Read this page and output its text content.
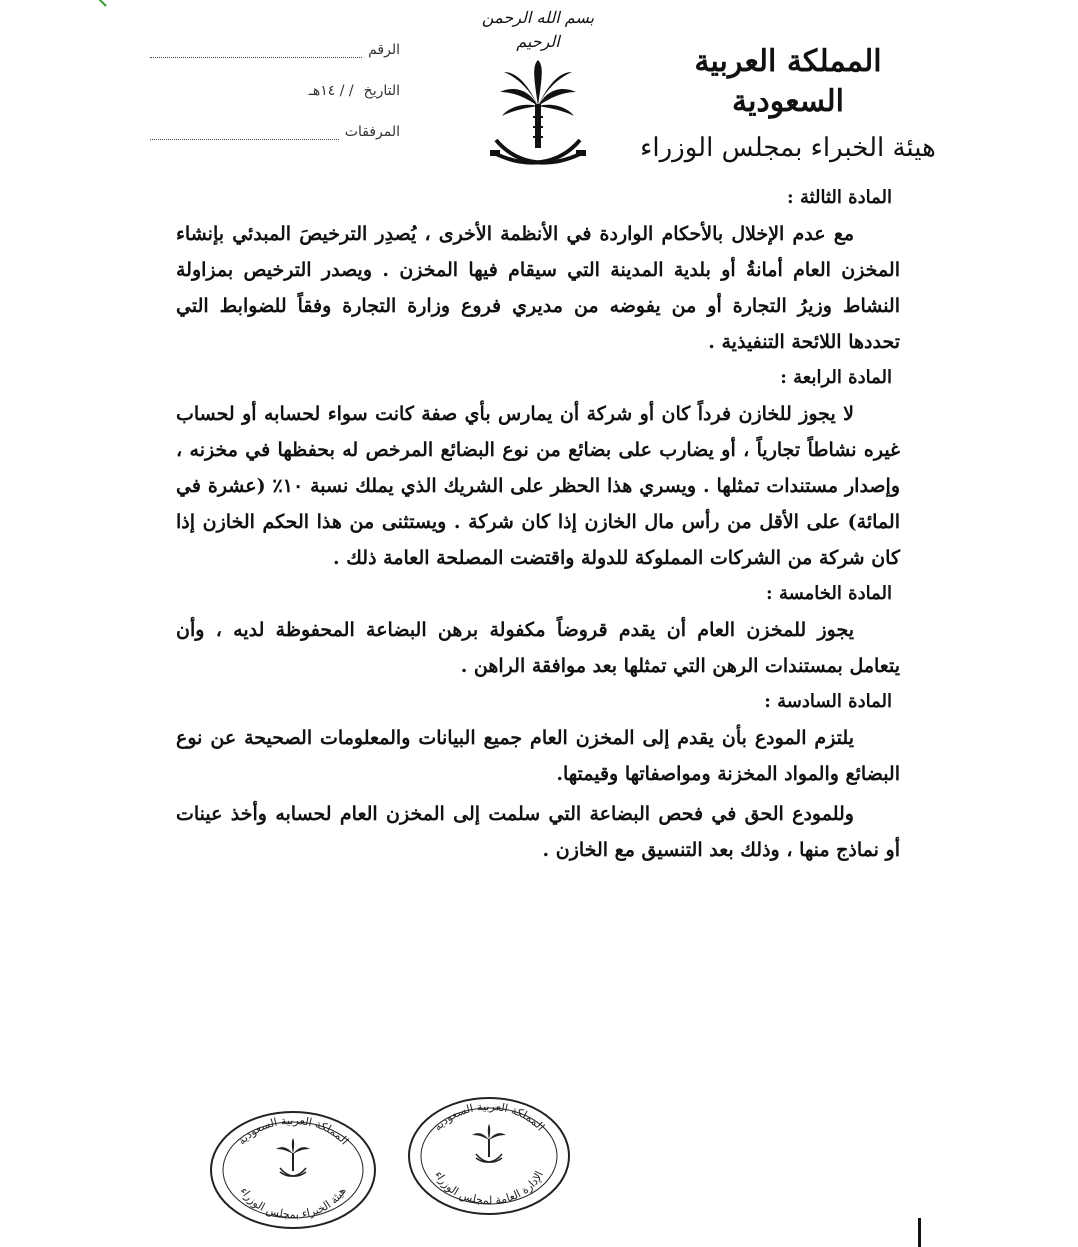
المملكة العربية السعودية
هيئة الخبراء بمجلس الوزراء
بسم الله الرحمن الرحيم
الرقم
التاريخ
/ / ١٤هـ
المرفقات
المادة الثالثة :

مع عدم الإخلال بالأحكام الواردة في الأنظمة الأخرى ، يُصدِر الترخيصَ المبدئي بإنشاء المخزن العام أمانةُ أو بلدية المدينة التي سيقام فيها المخزن . ويصدر الترخيص بمزاولة النشاط وزيرُ التجارة أو من يفوضه من مديري فروع وزارة التجارة وفقاً للضوابط التي تحددها اللائحة التنفيذية .

المادة الرابعة :

لا يجوز للخازن فرداً كان أو شركة أن يمارس بأي صفة كانت سواء لحسابه أو لحساب غيره نشاطاً تجارياً ، أو يضارب على بضائع من نوع البضائع المرخص له بحفظها في مخزنه ، وإصدار مستندات تمثلها . ويسري هذا الحظر على الشريك الذي يملك نسبة ١٠٪ (عشرة في المائة) على الأقل من رأس مال الخازن إذا كان شركة . ويستثنى من هذا الحكم الخازن إذا كان شركة من الشركات المملوكة للدولة واقتضت المصلحة العامة ذلك .

المادة الخامسة :

يجوز للمخزن العام أن يقدم قروضاً مكفولة برهن البضاعة المحفوظة لديه ، وأن يتعامل بمستندات الرهن التي تمثلها بعد موافقة الراهن .

المادة السادسة :

يلتزم المودع بأن يقدم إلى المخزن العام جميع البيانات والمعلومات الصحيحة عن نوع البضائع والمواد المخزنة ومواصفاتها وقيمتها.

وللمودع الحق في فحص البضاعة التي سلمت إلى المخزن العام لحسابه وأخذ عينات أو نماذج منها ، وذلك بعد التنسيق مع الخازن .

المملكة العربية السعودية
هيئة الخبراء بمجلس الوزراء
المملكة العربية السعودية
الإدارة العامة لمجلس الوزراء
